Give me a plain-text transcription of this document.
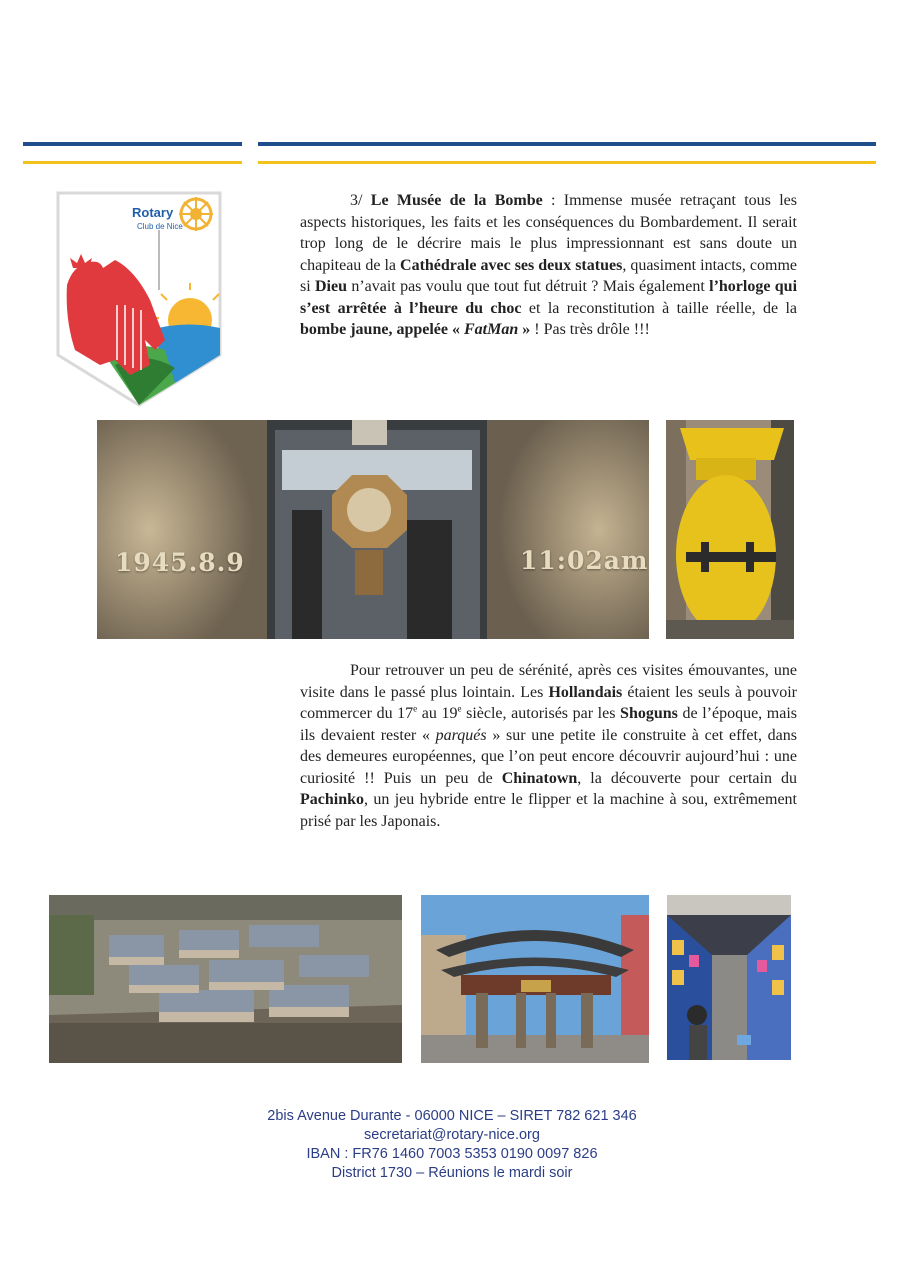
Rotary
Club de Nice

3/ Le Musée de la Bombe : Immense musée retraçant tous les aspects historiques, les faits et les conséquences du Bombardement. Il serait trop long de le décrire mais le plus impressionnant est sans doute un chapiteau de la Cathédrale avec ses deux statues, quasiment intacts, comme si Dieu n’avait pas voulu que tout fut détruit ? Mais également l’horloge qui s’est arrêtée à l’heure du choc et la reconstitution à taille réelle, de la bombe jaune, appelée « FatMan » ! Pas très drôle !!!

1945.8.9	11:02am

Pour retrouver un peu de sérénité, après ces visites émouvantes, une visite dans le passé plus lointain. Les Hollandais étaient les seuls à pouvoir commercer du 17e au 19e siècle, autorisés par les Shoguns de l’époque, mais ils devaient rester « parqués » sur une petite ile construite à cet effet, dans des demeures européennes, que l’on peut encore découvrir aujourd’hui : une curiosité !! Puis un peu de Chinatown, la découverte pour certain du Pachinko, un jeu hybride entre le flipper et la machine à sou, extrêmement prisé par les Japonais.

2bis Avenue Durante - 06000 NICE – SIRET 782 621 346
secretariat@rotary-nice.org
IBAN : FR76 1460 7003 5353 0190 0097 826
District 1730 – Réunions le mardi soir
